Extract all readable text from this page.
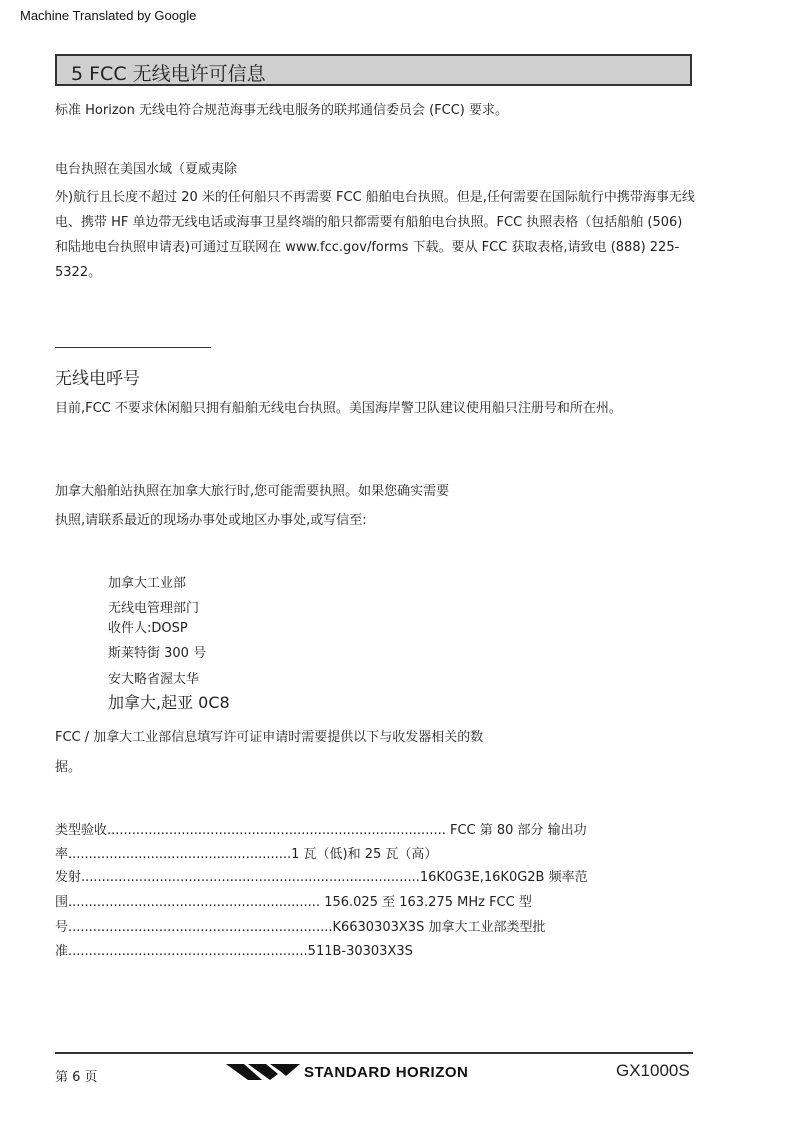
Machine Translated by Google
5 FCC 无线电许可信息
标准 Horizon 无线电符合规范海事无线电服务的联邦通信委员会 (FCC) 要求。
电台执照在美国水域（夏威夷除
外)航行且长度不超过 20 米的任何船只不再需要 FCC 船舶电台执照。但是,任何需要在国际航行中携带海事无线电、携带 HF 单边带无线电话或海事卫星终端的船只都需要有船舶电台执照。FCC 执照表格（包括船舶 (506) 和陆地电台执照申请表)可通过互联网在 www.fcc.gov/forms 下载。要从 FCC 获取表格,请致电 (888) 225-5322。
无线电呼号
目前,FCC 不要求休闲船只拥有船舶无线电台执照。美国海岸警卫队建议使用船只注册号和所在州。
加拿大船舶站执照在加拿大旅行时,您可能需要执照。如果您确实需要
执照,请联系最近的现场办事处或地区办事处,或写信至:
加拿大工业部
无线电管理部门
收件人:DOSP
斯莱特街 300 号
安大略省渥太华
加拿大,起亚 0C8
FCC / 加拿大工业部信息填写许可证申请时需要提供以下与收发器相关的数
据。
类型验收.................................................................................. FCC 第 80 部分 输出功
率......................................................1 瓦（低)和 25 瓦（高）
发射..................................................................................16K0G3E,16K0G2B 频率范
围............................................................. 156.025 至 163.275 MHz FCC 型
号................................................................K6630303X3S 加拿大工业部类型批
准..........................................................511B-30303X3S
第 6 页	STANDARD HORIZON	GX1000S
